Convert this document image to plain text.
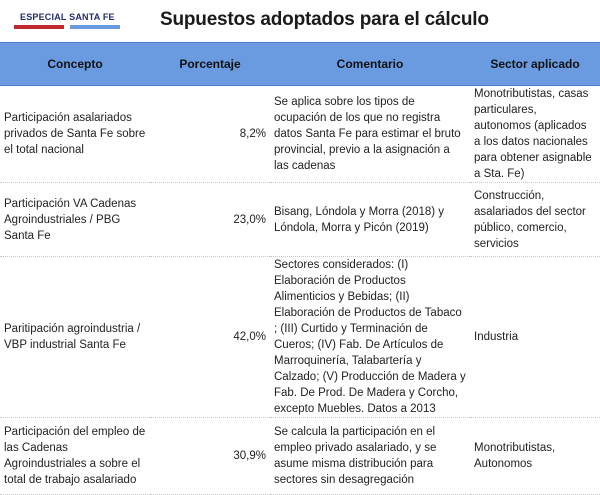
ESPECIAL SANTA FE Supuestos adoptados para el cálculo
Concepto	Porcentaje	Comentario	Sector aplicado
Participación asalariados privados de Santa Fe sobre el total nacional	8,2%	Se aplica sobre los tipos de ocupación de los que no registra datos Santa Fe para estimar el bruto provincial, previo a la asignación a las cadenas	Monotributistas, casas particulares, autonomos (aplicados a los datos nacionales para obtener asignable a Sta. Fe)
Participación VA Cadenas Agroindustriales / PBG Santa Fe	23,0%	Bisang, Lóndola y Morra (2018) y Lóndola, Morra y Picón (2019)	Construcción, asalariados del sector público, comercio, servicios
Paritipación agroindustria / VBP industrial Santa Fe	42,0%	Sectores considerados: (I) Elaboración de Productos Alimenticios y Bebidas; (II) Elaboración de Productos de Tabaco ; (III) Curtido y Terminación de Cueros; (IV) Fab. De Artículos de Marroquinería, Talabartería y Calzado; (V) Producción de Madera y Fab. De Prod. De Madera y Corcho, excepto Muebles. Datos a 2013	Industria
Participación del empleo de las Cadenas Agroindustriales a sobre el total de trabajo asalariado	30,9%	Se calcula la participación en el empleo privado asalariado, y se asume misma distribución para sectores sin desagregación	Monotributistas, Autonomos
